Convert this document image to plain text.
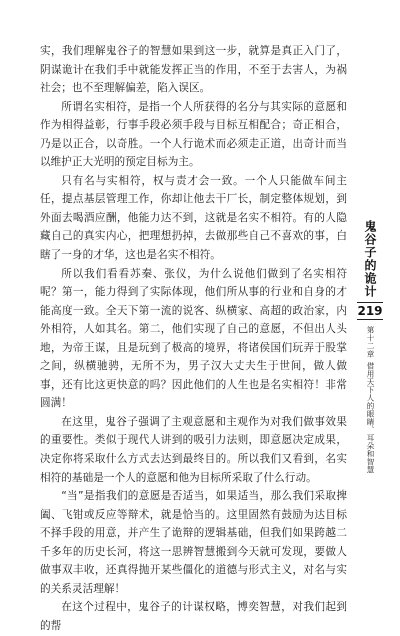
实，我们理解鬼谷子的智慧如果到这一步，就算是真正入门了，阴谋诡计在我们手中就能发挥正当的作用，不至于去害人，为祸社会；也不至理解偏差，陷入误区。

所谓名实相符，是指一个人所获得的名分与其实际的意愿和作为相得益彰，行事手段必须手段与目标互相配合；奇正相合，乃是以正合，以奇胜。一个人行诡术而必须走正道，出奇计而当以维护正大光明的预定目标为主。

只有名与实相符，权与责才会一致。一个人只能做车间主任，提点基层管理工作，你却让他去干厂长，制定整体规划，到外面去喝酒应酬，他能力达不到，这就是名实不相符。有的人隐藏自己的真实内心，把理想扔掉，去做那些自己不喜欢的事，白瞎了一身的才华，这也是名实不相符。

所以我们看看苏秦、张仪，为什么说他们做到了名实相符呢？第一，能力得到了实际体现，他们所从事的行业和自身的才能高度一致。全天下第一流的说客、纵横家、高超的政治家，内外相符，人如其名。第二，他们实现了自己的意愿，不但出人头地，为帝王谋，且是玩到了极高的境界，将诸侯国们玩弄于股掌之间，纵横驰骋，无所不为，男子汉大丈夫生于世间，做人做事，还有比这更快意的吗？因此他们的人生也是名实相符！非常圆满！

在这里，鬼谷子强调了主观意愿和主观作为对我们做事效果的重要性。类似于现代人讲到的吸引力法则，即意愿决定成果，决定你将采取什么方式去达到最终目的。所以我们又看到，名实相符的基础是一个人的意愿和他为目标所采取了什么行动。

“当”是指我们的意愿是否适当，如果适当，那么我们采取捭阖、飞钳或反应等辩术，就是恰当的。这里固然有鼓励为达目标不择手段的用意，并产生了诡辩的逻辑基础，但我们如果跨越二千多年的历史长河，将这一思辨智慧搬到今天就可发现，要做人做事双丰收，还真得抛开某些僵化的道德与形式主义，对名与实的关系灵活理解！

在这个过程中，鬼谷子的计谋权略，博奕智慧，对我们起到的帮

鬼谷子的诡计
219
第十二章
借用天下人的眼睛、耳朵和智慧
